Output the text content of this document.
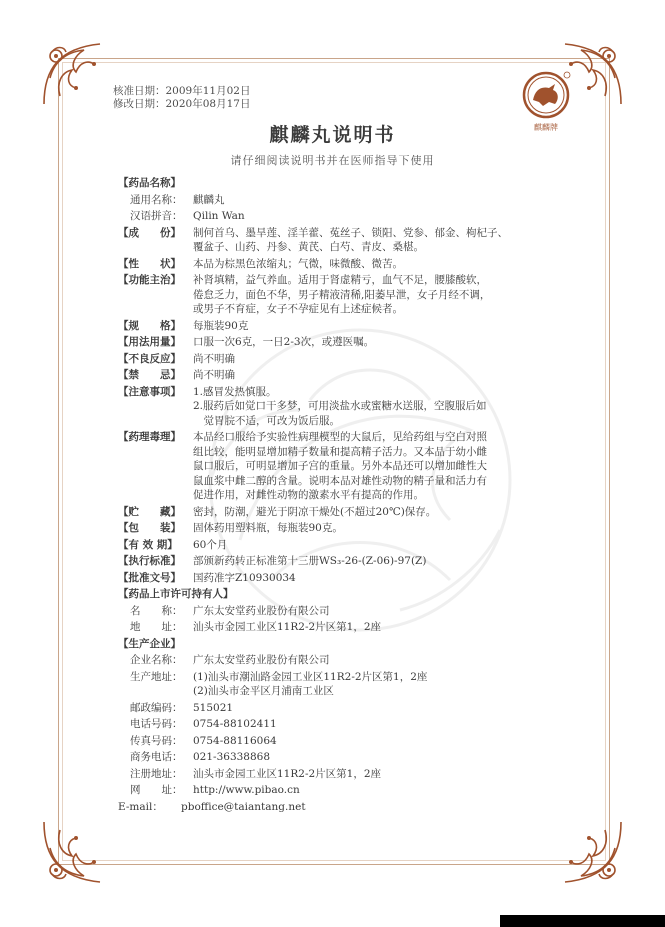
核准日期：2009年11月02日
修改日期：2020年08月17日
麒麟牌
麒麟丸说明书
请仔细阅读说明书并在医师指导下使用
【药品名称】
通用名称：	麒麟丸
汉语拼音：	Qilin Wan
【成　　份】	制何首乌、墨旱莲、淫羊藿、菟丝子、锁阳、党参、郁金、枸杞子、
覆盆子、山药、丹参、黄芪、白芍、青皮、桑椹。
【性　　状】	本品为棕黑色浓缩丸；气微，味微酸、微苦。
【功能主治】	补肾填精，益气养血。适用于肾虚精亏，血气不足，腰膝酸软，
倦怠乏力，面色不华，男子精液清稀,阳萎早泄，女子月经不调，
或男子不育症，女子不孕症见有上述症候者。
【规　　格】	每瓶装90克
【用法用量】	口服一次6克，一日2-3次，或遵医嘱。
【不良反应】	尚不明确
【禁　　忌】	尚不明确
【注意事项】	1.感冒发热慎服。
2.服药后如觉口干多梦，可用淡盐水或蜜糖水送服，空腹服后如
　觉胃脘不适，可改为饭后服。
【药理毒理】	本品经口服给予实验性病理模型的大鼠后，见给药组与空白对照
组比较，能明显增加精子数量和提高精子活力。又本品于幼小雌
鼠口服后，可明显增加子宫的重量。另外本品还可以增加雌性大
鼠血浆中雌二醇的含量。说明本品对雄性动物的精子量和活力有
促进作用，对雌性动物的激素水平有提高的作用。
【贮　　藏】	密封，防潮，避光于阴凉干燥处(不超过20℃)保存。
【包　　装】	固体药用塑料瓶，每瓶装90克。
【有 效 期】	60个月
【执行标准】	部颁新药转正标准第十三册WS₃-26-(Z-06)-97(Z)
【批准文号】	国药准字Z10930034
【药品上市许可持有人】
名　　称：	广东太安堂药业股份有限公司
地　　址：	汕头市金园工业区11R2-2片区第1，2座
【生产企业】
企业名称：	广东太安堂药业股份有限公司
生产地址：	(1)汕头市潮汕路金园工业区11R2-2片区第1，2座
(2)汕头市金平区月浦南工业区
邮政编码：	515021
电话号码：	0754-88102411
传真号码：	0754-88116064
商务电话：	021-36338868
注册地址：	汕头市金园工业区11R2-2片区第1，2座
网　　址：	http://www.pibao.cn
E-mail：	pboffice@taiantang.net
